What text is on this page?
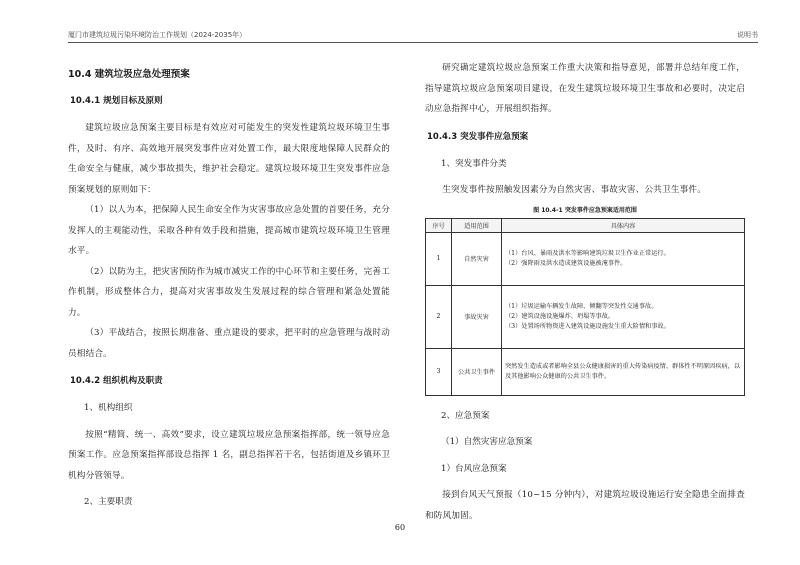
厦门市建筑垃圾污染环境防治工作规划（2024-2035年）	说明书
10.4 建筑垃圾应急处理预案
10.4.1 规划目标及原则

建筑垃圾应急预案主要目标是有效应对可能发生的突发性建筑垃圾环境卫生事件，及时、有序、高效地开展突发事件应对处置工作，最大限度地保障人民群众的生命安全与健康，减少事故损失，维护社会稳定。建筑垃圾环境卫生突发事件应急预案规划的原则如下：

（1）以人为本，把保障人民生命安全作为灾害事故应急处置的首要任务，充分发挥人的主观能动性，采取各种有效手段和措施，提高城市建筑垃圾环境卫生管理水平。

（2）以防为主，把灾害预防作为城市减灾工作的中心环节和主要任务，完善工作机制，形成整体合力，提高对灾害事故发生发展过程的综合管理和紧急处置能力。

（3）平战结合，按照长期准备、重点建设的要求，把平时的应急管理与战时动员相结合。

10.4.2 组织机构及职责
1、机构组织

按照“精简、统一、高效”要求，设立建筑垃圾应急预案指挥部，统一领导应急预案工作。应急预案指挥部设总指挥 1 名，副总指挥若干名，包括街道及乡镇环卫机构分管领导。

2、主要职责

研究确定建筑垃圾应急预案工作重大决策和指导意见，部署并总结年度工作，指导建筑垃圾应急预案项目建设，在发生建筑垃圾环境卫生事故和必要时，决定启动应急指挥中心，开展组织指挥。

10.4.3 突发事件应急预案
1、突发事件分类

生突发事件按照触发因素分为自然灾害、事故灾害、公共卫生事件。

图 10.4-1 突发事件应急预案适用范围
序号	适用范围	具体内容
1	自然灾害	（1）台风、暴雨及洪水等影响建筑垃圾卫生作业正常运行。
（2）强降雨及洪水造成建筑设施被淹事件。

2	事故灾害	（1）垃圾运输车辆发生故障、倾翻等突发性交通事故。
（2）建筑设施设施爆炸、坍塌等事故。
（3）处置场所物资进入建筑设施设施发生重大险情和事故。

3	公共卫生事件	突然发生造成或者影响全县公众健康损害的重大传染病疫情、群体性不明原因疾病，以及其他影响公众健康的公共卫生事件。
2、应急预案
（1）自然灾害应急预案
1）台风应急预案

接到台风天气预报（10~15 分钟内），对建筑垃圾设施运行安全隐患全面排查和防风加固。

60
